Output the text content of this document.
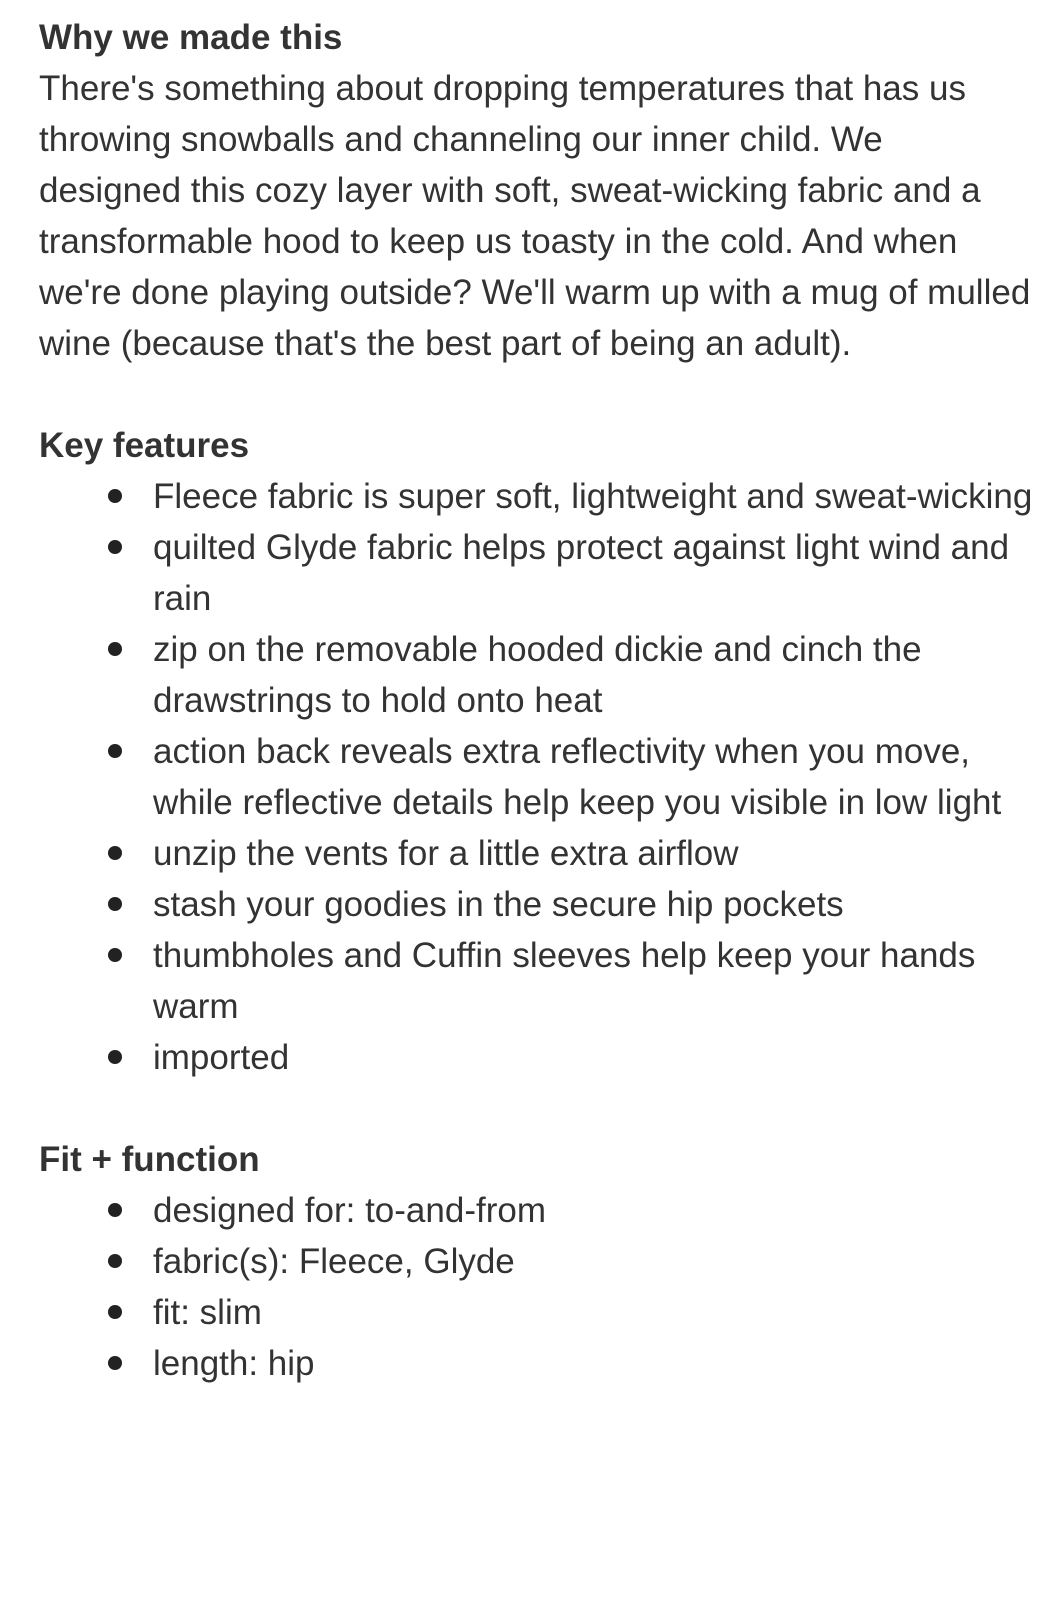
Why we made this

There's something about dropping temperatures that has us throwing snowballs and channeling our inner child. We designed this cozy layer with soft, sweat-wicking fabric and a transformable hood to keep us toasty in the cold. And when we're done playing outside? We'll warm up with a mug of mulled wine (because that's the best part of being an adult).

Key features
Fleece fabric is super soft, lightweight and sweat-wicking
quilted Glyde fabric helps protect against light wind and rain
zip on the removable hooded dickie and cinch the drawstrings to hold onto heat
action back reveals extra reflectivity when you move, while reflective details help keep you visible in low light
unzip the vents for a little extra airflow
stash your goodies in the secure hip pockets
thumbholes and Cuffin sleeves help keep your hands warm
imported
Fit + function
designed for: to-and-from
fabric(s): Fleece, Glyde
fit: slim
length: hip
